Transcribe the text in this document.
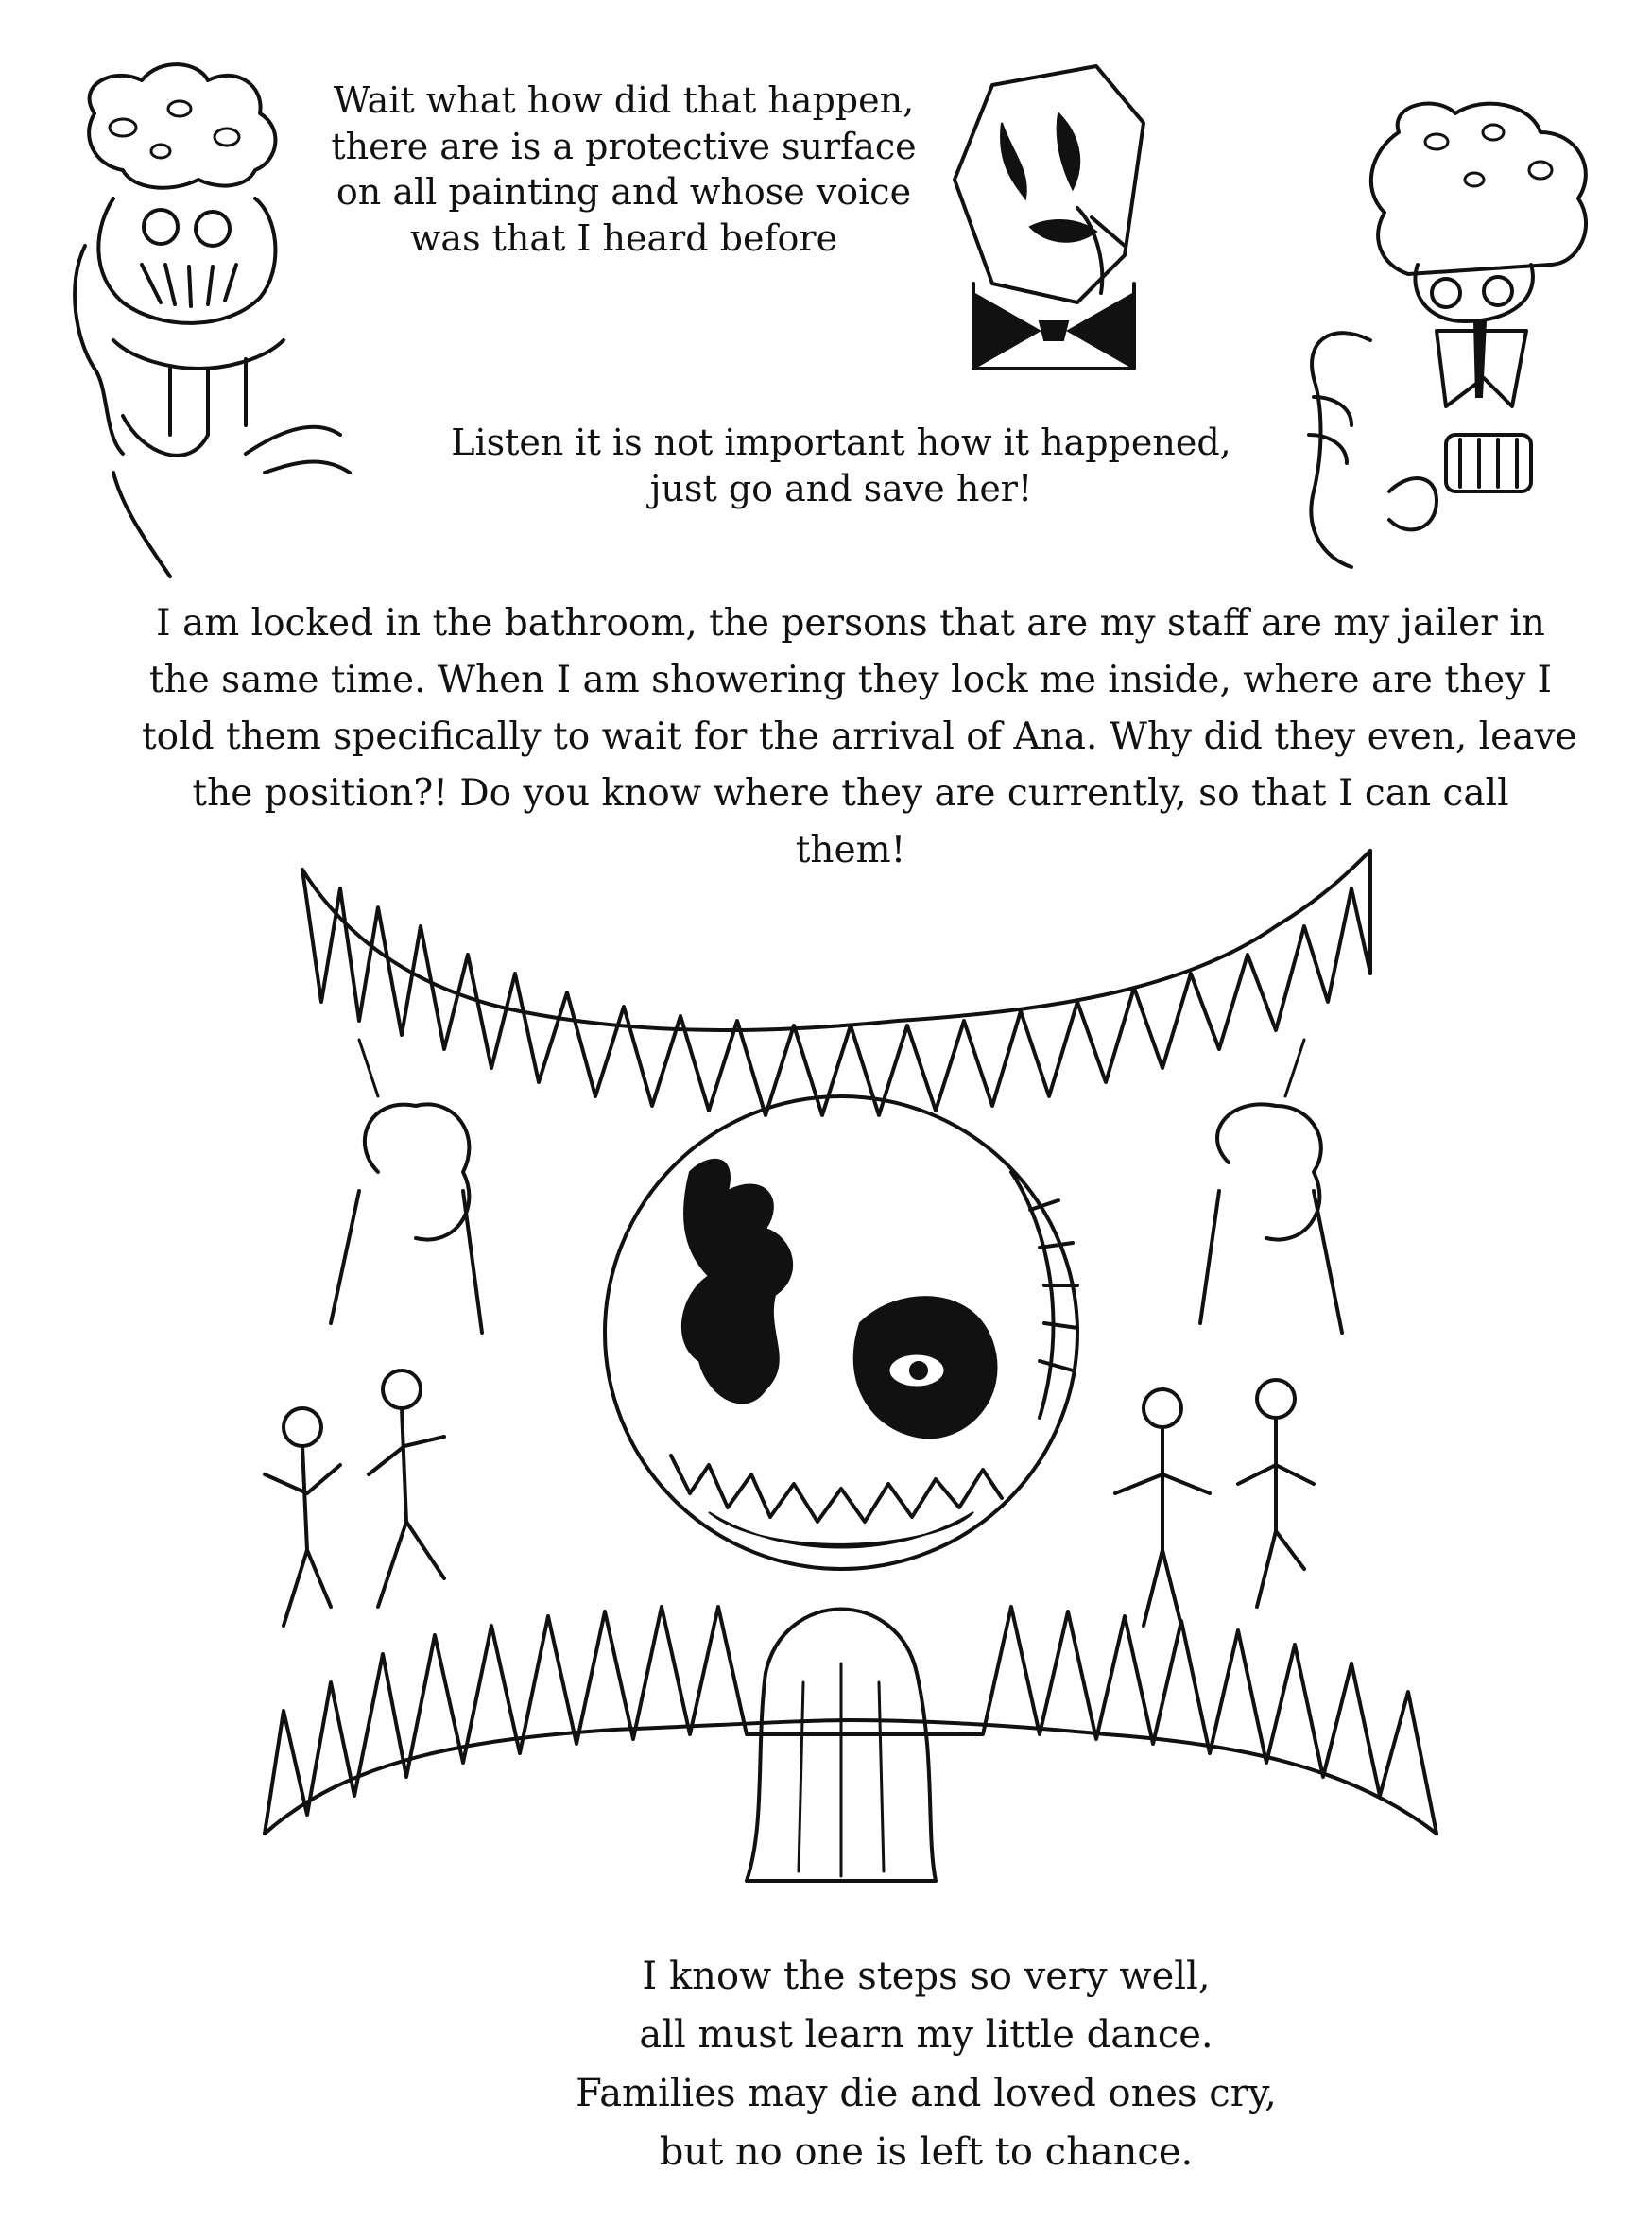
Wait what how did that happen,
there are is a protective surface
on all painting and whose voice
was that I heard before
Listen it is not important how it happened,
just go and save her!
I am locked in the bathroom, the persons that are my staff are my jailer in
the same time. When I am showering they lock me inside, where are they I
told them specifically to wait for the arrival of Ana. Why did they even, leave
the position?! Do you know where they are currently, so that I can call
them!
I know the steps so very well,
all must learn my little dance.
Families may die and loved ones cry,
but no one is left to chance.
